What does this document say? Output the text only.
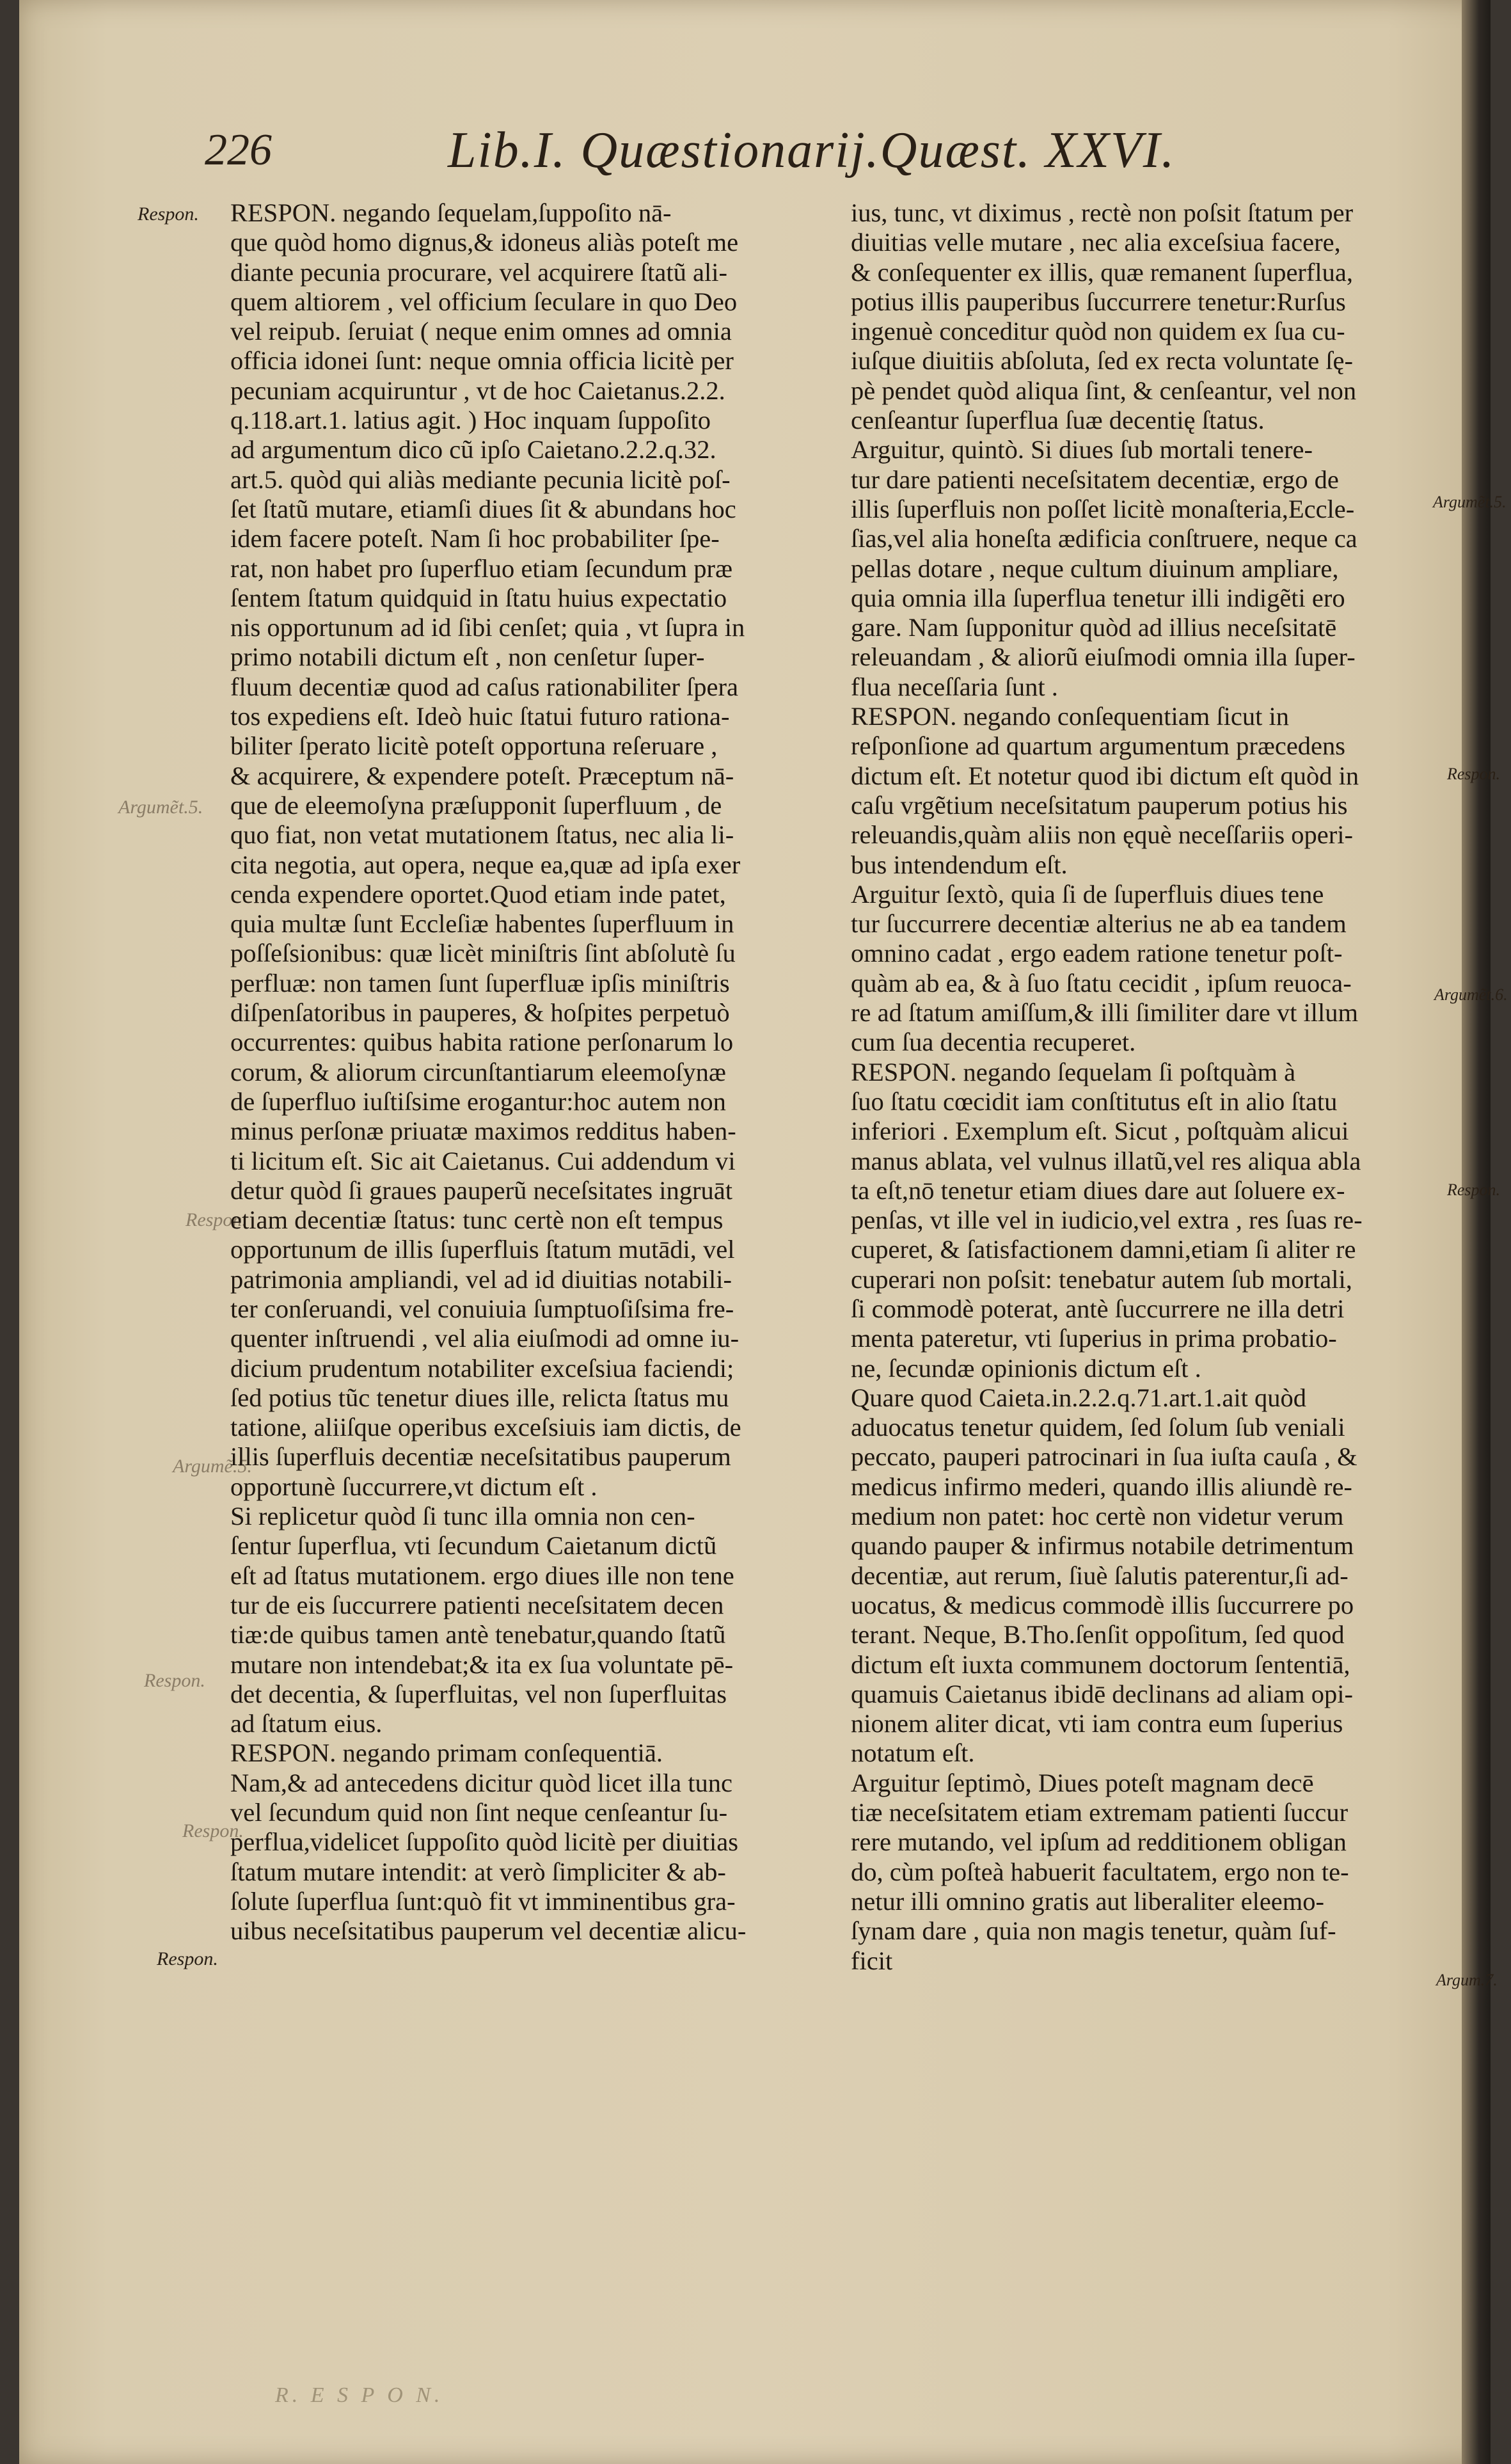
226	Lib.I. Quæstionarij.Quæst. XXVI.
Respon.
Argumẽt.5.
Respon.
Argumẽ.5.
Respon.
Respon.
Respon.
Argumẽt.5.
Respon.
Argumẽt.6.
Respon.
Argum.7.

RESPON. negando ſequelam,ſuppoſito nā-
que quòd homo dignus,& idoneus aliàs poteſt me
diante pecunia procurare, vel acquirere ſtatũ ali-
quem altiorem , vel officium ſeculare in quo Deo
vel reipub. ſeruiat ( neque enim omnes ad omnia
officia idonei ſunt: neque omnia officia licitè per
pecuniam acquiruntur , vt de hoc Caietanus.2.2.
q.118.art.1. latius agit. ) Hoc inquam ſuppoſito
ad argumentum dico cũ ipſo Caietano.2.2.q.32.
art.5. quòd qui aliàs mediante pecunia licitè poſ-
ſet ſtatũ mutare, etiamſi diues ſit & abundans hoc
idem facere poteſt. Nam ſi hoc probabiliter ſpe-
rat, non habet pro ſuperfluo etiam ſecundum præ
ſentem ſtatum quidquid in ſtatu huius expectatio
nis opportunum ad id ſibi cenſet; quia , vt ſupra in
primo notabili dictum eſt , non cenſetur ſuper-
fluum decentiæ quod ad caſus rationabiliter ſpera
tos expediens eſt. Ideò huic ſtatui futuro rationa-
biliter ſperato licitè poteſt opportuna reſeruare ,
& acquirere, & expendere poteſt. Præceptum nā-
que de eleemoſyna præſupponit ſuperfluum , de
quo fiat, non vetat mutationem ſtatus, nec alia li-
cita negotia, aut opera, neque ea,quæ ad ipſa exer
cenda expendere oportet.Quod etiam inde patet,
quia multæ ſunt Eccleſiæ habentes ſuperfluum in
poſſeſsionibus: quæ licèt miniſtris ſint abſolutè ſu
perfluæ: non tamen ſunt ſuperfluæ ipſis miniſtris
diſpenſatoribus in pauperes, & hoſpites perpetuò
occurrentes: quibus habita ratione perſonarum lo
corum, & aliorum circunſtantiarum eleemoſynæ
de ſuperfluo iuſtiſsime erogantur:hoc autem non
minus perſonæ priuatæ maximos redditus haben-
ti licitum eſt. Sic ait Caietanus. Cui addendum vi
detur quòd ſi graues pauperũ neceſsitates ingruāt
etiam decentiæ ſtatus: tunc certè non eſt tempus
opportunum de illis ſuperfluis ſtatum mutādi, vel
patrimonia ampliandi, vel ad id diuitias notabili-
ter conſeruandi, vel conuiuia ſumptuoſiſsima fre-
quenter inſtruendi , vel alia eiuſmodi ad omne iu-
dicium prudentum notabiliter exceſsiua faciendi;
ſed potius tũc tenetur diues ille, relicta ſtatus mu
tatione, aliiſque operibus exceſsiuis iam dictis, de
illis ſuperfluis decentiæ neceſsitatibus pauperum
opportunè ſuccurrere,vt dictum eſt .

Si replicetur quòd ſi tunc illa omnia non cen-
ſentur ſuperflua, vti ſecundum Caietanum dictũ
eſt ad ſtatus mutationem. ergo diues ille non tene
tur de eis ſuccurrere patienti neceſsitatem decen
tiæ:de quibus tamen antè tenebatur,quando ſtatũ
mutare non intendebat;& ita ex ſua voluntate pē-
det decentia, & ſuperfluitas, vel non ſuperfluitas
ad ſtatum eius.

RESPON. negando primam conſequentiā.
Nam,& ad antecedens dicitur quòd licet illa tunc
vel ſecundum quid non ſint neque cenſeantur ſu-
perflua,videlicet ſuppoſito quòd licitè per diuitias
ſtatum mutare intendit: at verò ſimpliciter & ab-
ſolute ſuperflua ſunt:quò fit vt imminentibus gra-
uibus neceſsitatibus pauperum vel decentiæ alicu-

ius, tunc, vt diximus , rectè non poſsit ſtatum per
diuitias velle mutare , nec alia exceſsiua facere,
& conſequenter ex illis, quæ remanent ſuperflua,
potius illis pauperibus ſuccurrere tenetur:Rurſus
ingenuè conceditur quòd non quidem ex ſua cu-
iuſque diuitiis abſoluta, ſed ex recta voluntate ſę-
pè pendet quòd aliqua ſint, & cenſeantur, vel non
cenſeantur ſuperflua ſuæ decentię ſtatus.

Arguitur, quintò. Si diues ſub mortali tenere-
tur dare patienti neceſsitatem decentiæ, ergo de
illis ſuperfluis non poſſet licitè monaſteria,Eccle-
ſias,vel alia honeſta ædificia conſtruere, neque ca
pellas dotare , neque cultum diuinum ampliare,
quia omnia illa ſuperflua tenetur illi indigẽti ero
gare. Nam ſupponitur quòd ad illius neceſsitatē
releuandam , & aliorũ eiuſmodi omnia illa ſuper-
flua neceſſaria ſunt .

RESPON. negando conſequentiam ſicut in
reſponſione ad quartum argumentum præcedens
dictum eſt. Et notetur quod ibi dictum eſt quòd in
caſu vrgẽtium neceſsitatum pauperum potius his
releuandis,quàm aliis non ęquè neceſſariis operi-
bus intendendum eſt.

Arguitur ſextò, quia ſi de ſuperfluis diues tene
tur ſuccurrere decentiæ alterius ne ab ea tandem
omnino cadat , ergo eadem ratione tenetur poſt-
quàm ab ea, & à ſuo ſtatu cecidit , ipſum reuoca-
re ad ſtatum amiſſum,& illi ſimiliter dare vt illum
cum ſua decentia recuperet.

RESPON. negando ſequelam ſi poſtquàm à
ſuo ſtatu cœcidit iam conſtitutus eſt in alio ſtatu
inferiori . Exemplum eſt. Sicut , poſtquàm alicui
manus ablata, vel vulnus illatũ,vel res aliqua abla
ta eſt,nō tenetur etiam diues dare aut ſoluere ex-
penſas, vt ille vel in iudicio,vel extra , res ſuas re-
cuperet, & ſatisfactionem damni,etiam ſi aliter re
cuperari non poſsit: tenebatur autem ſub mortali,
ſi commodè poterat, antè ſuccurrere ne illa detri
menta pateretur, vti ſuperius in prima probatio-
ne, ſecundæ opinionis dictum eſt .

Quare quod Caieta.in.2.2.q.71.art.1.ait quòd
aduocatus tenetur quidem, ſed ſolum ſub veniali
peccato, pauperi patrocinari in ſua iuſta cauſa , &
medicus infirmo mederi, quando illis aliundè re-
medium non patet: hoc certè non videtur verum
quando pauper & infirmus notabile detrimentum
decentiæ, aut rerum, ſiuè ſalutis paterentur,ſi ad-
uocatus, & medicus commodè illis ſuccurrere po
terant. Neque, B.Tho.ſenſit oppoſitum, ſed quod
dictum eſt iuxta communem doctorum ſententiā,
quamuis Caietanus ibidē declinans ad aliam opi-
nionem aliter dicat, vti iam contra eum ſuperius
notatum eſt.

Arguitur ſeptimò, Diues poteſt magnam decē
tiæ neceſsitatem etiam extremam patienti ſuccur
rere mutando, vel ipſum ad redditionem obligan
do, cùm poſteà habuerit facultatem, ergo non te-
netur illi omnino gratis aut liberaliter eleemo-
ſynam dare , quia non magis tenetur, quàm ſuf-
ficit

R. E S P O N.
